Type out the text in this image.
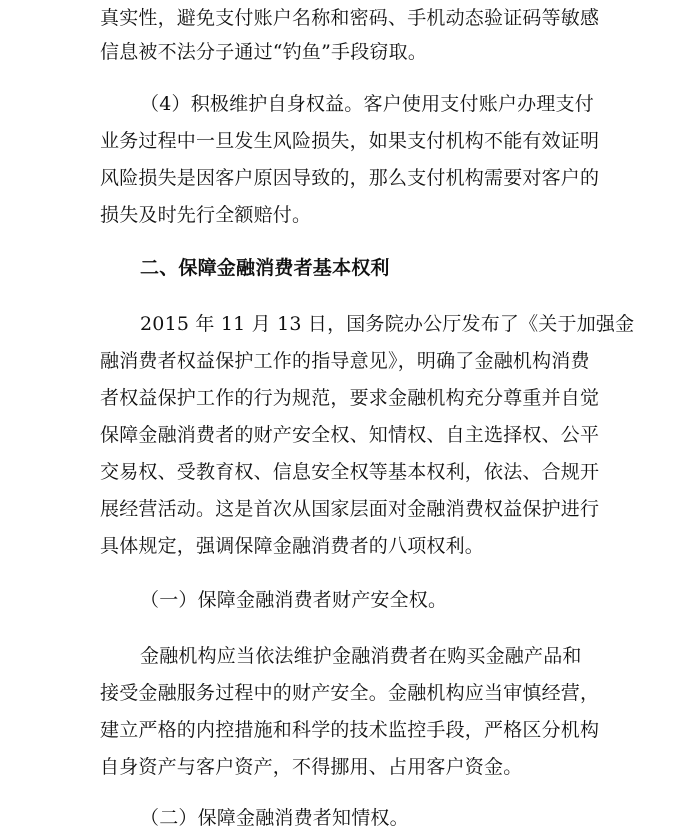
真实性，避免支付账户名称和密码、手机动态验证码等敏感
信息被不法分子通过“钓鱼”手段窃取。
（4）积极维护自身权益。客户使用支付账户办理支付
业务过程中一旦发生风险损失，如果支付机构不能有效证明
风险损失是因客户原因导致的，那么支付机构需要对客户的
损失及时先行全额赔付。
二、保障金融消费者基本权利
2015 年 11 月 13 日，国务院办公厅发布了《关于加强金
融消费者权益保护工作的指导意见》，明确了金融机构消费
者权益保护工作的行为规范，要求金融机构充分尊重并自觉
保障金融消费者的财产安全权、知情权、自主选择权、公平
交易权、受教育权、信息安全权等基本权利，依法、合规开
展经营活动。这是首次从国家层面对金融消费权益保护进行
具体规定，强调保障金融消费者的八项权利。
（一）保障金融消费者财产安全权。
金融机构应当依法维护金融消费者在购买金融产品和
接受金融服务过程中的财产安全。金融机构应当审慎经营，
建立严格的内控措施和科学的技术监控手段，严格区分机构
自身资产与客户资产，不得挪用、占用客户资金。
（二）保障金融消费者知情权。
